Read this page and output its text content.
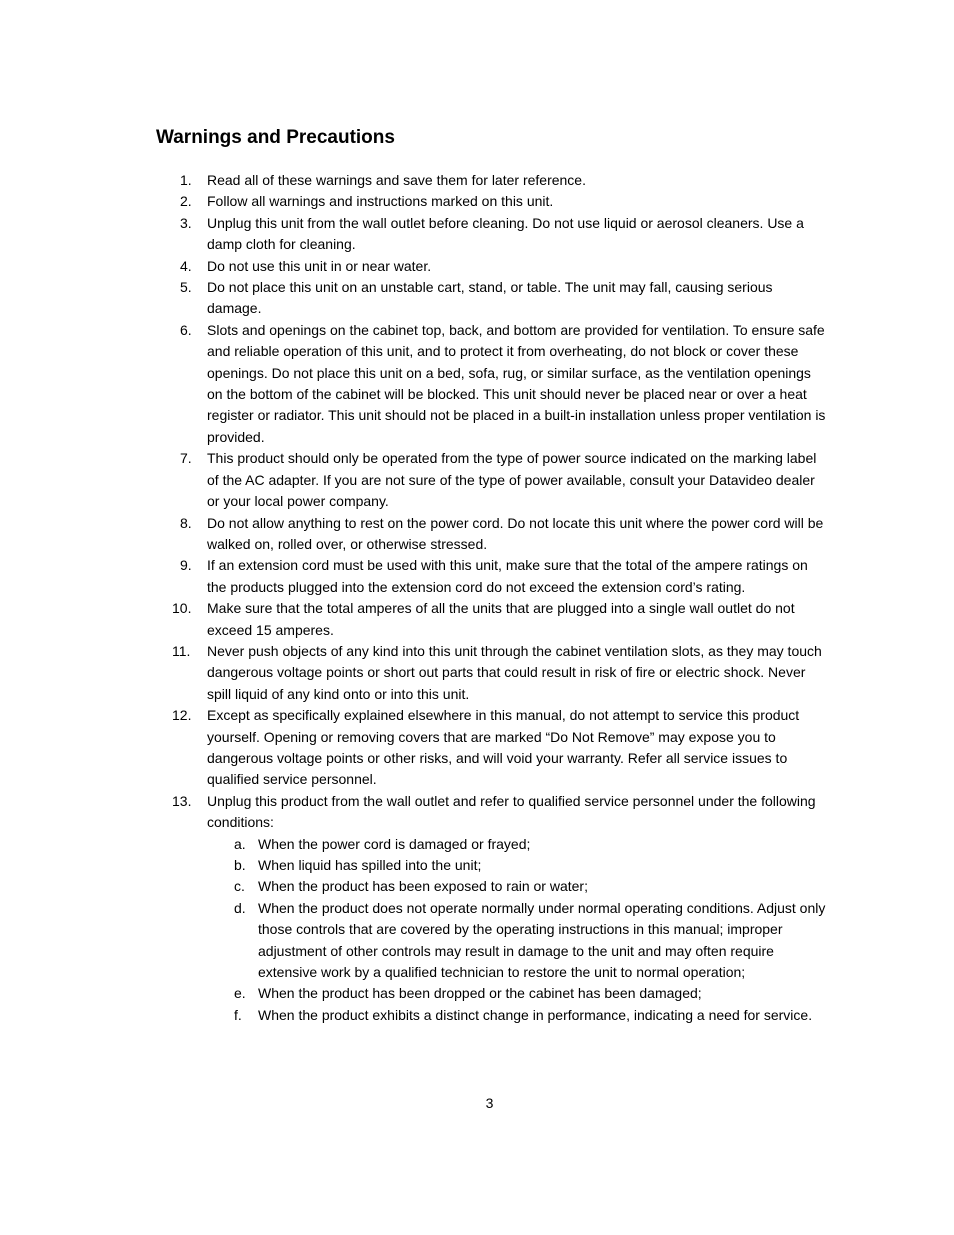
Warnings and Precautions
1.	Read all of these warnings and save them for later reference.
2.	Follow all warnings and instructions marked on this unit.
3.	Unplug this unit from the wall outlet before cleaning. Do not use liquid or aerosol cleaners. Use a damp cloth for cleaning.
4.	Do not use this unit in or near water.
5.	Do not place this unit on an unstable cart, stand, or table. The unit may fall, causing serious damage.
6.	Slots and openings on the cabinet top, back, and bottom are provided for ventilation. To ensure safe and reliable operation of this unit, and to protect it from overheating, do not block or cover these openings. Do not place this unit on a bed, sofa, rug, or similar surface, as the ventilation openings on the bottom of the cabinet will be blocked. This unit should never be placed near or over a heat register or radiator. This unit should not be placed in a built-in installation unless proper ventilation is provided.
7.	This product should only be operated from the type of power source indicated on the marking label of the AC adapter. If you are not sure of the type of power available, consult your Datavideo dealer or your local power company.
8.	Do not allow anything to rest on the power cord. Do not locate this unit where the power cord will be walked on, rolled over, or otherwise stressed.
9.	If an extension cord must be used with this unit, make sure that the total of the ampere ratings on the products plugged into the extension cord do not exceed the extension cord’s rating.
10.	Make sure that the total amperes of all the units that are plugged into a single wall outlet do not exceed 15 amperes.
11.	Never push objects of any kind into this unit through the cabinet ventilation slots, as they may touch dangerous voltage points or short out parts that could result in risk of fire or electric shock. Never spill liquid of any kind onto or into this unit.
12.	Except as specifically explained elsewhere in this manual, do not attempt to service this product yourself. Opening or removing covers that are marked “Do Not Remove” may expose you to dangerous voltage points or other risks, and will void your warranty. Refer all service issues to qualified service personnel.
13.	Unplug this product from the wall outlet and refer to qualified service personnel under the following conditions:
a. When the power cord is damaged or frayed;
b. When liquid has spilled into the unit;
c. When the product has been exposed to rain or water;
d. When the product does not operate normally under normal operating conditions. Adjust only those controls that are covered by the operating instructions in this manual; improper adjustment of other controls may result in damage to the unit and may often require extensive work by a qualified technician to restore the unit to normal operation;
e. When the product has been dropped or the cabinet has been damaged;
f. When the product exhibits a distinct change in performance, indicating a need for service.
3
